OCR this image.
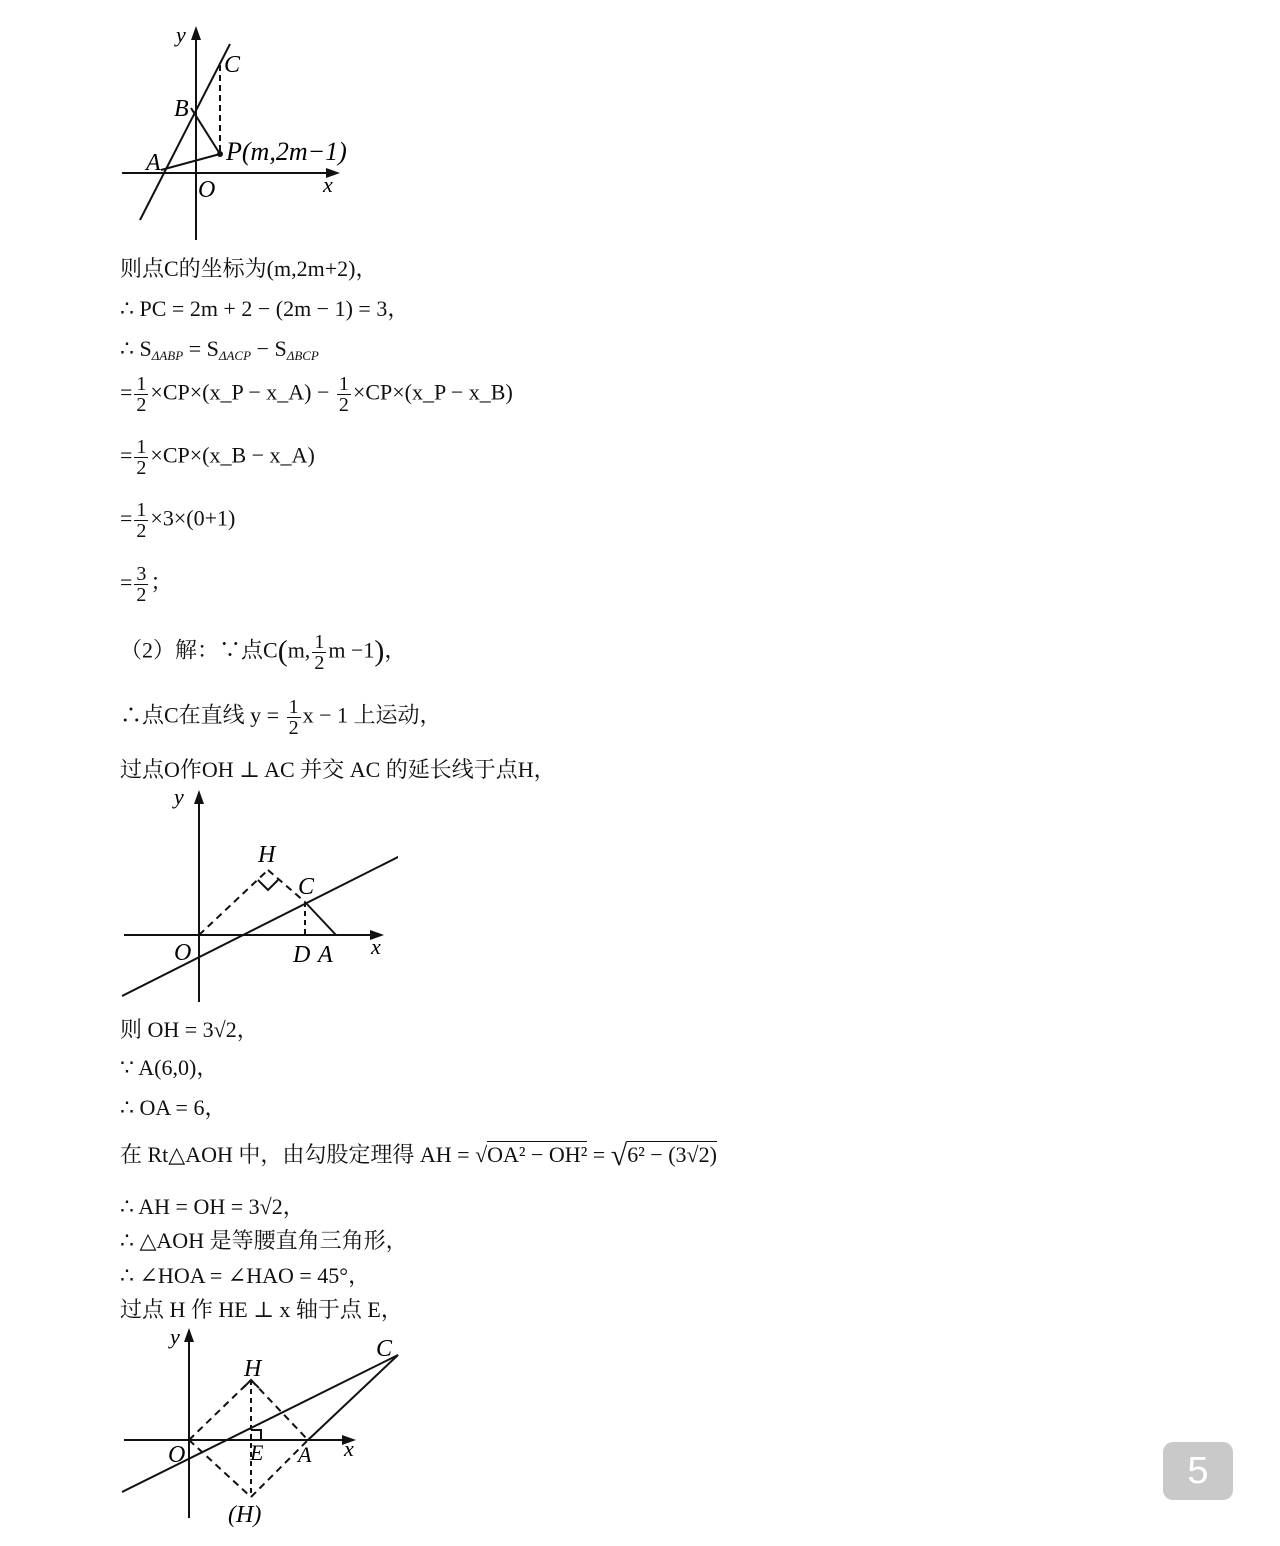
y
x
O
A
B
C
P(m,2m−1)
则点C的坐标为(m,2m+2)，
∴ PC = 2m + 2 − (2m − 1) = 3，
∴ $S_{\Delta ABP} = S_{\Delta ACP} - S_{\Delta BCP}$
= $\frac{1}{2}$ ×CP×(x_P − x_A) − $\frac{1}{2}$ ×CP×(x_P − x_B)
= $\frac{1}{2}$ ×CP×(x_B − x_A)
= $\frac{1}{2} \times 3\times(0+1)$
= $\frac{3}{2}$ ；
（2）解：∵点C(m, $\frac{1}{2}$ m −1)，
∴点C在直线 $y = \frac{1}{2}$ x − 1 上运动，
过点O作OH ⊥ AC 并交 AC 的延长线于点H，
y
x
O
H
C
D A
则 OH = 3√2，
∵ A(6,0)，
∴ OA = 6，
在 Rt△AOH 中，由勾股定理得 AH = √OA² − OH² = √6² − (3√2)
∴ AH = OH = 3√2，
∴ △AOH 是等腰直角三角形，
∴ ∠HOA = ∠HAO = 45°，
过点 H 作 HE ⊥ x 轴于点 E，
y
x
O
H
E A
C
(H)
5
